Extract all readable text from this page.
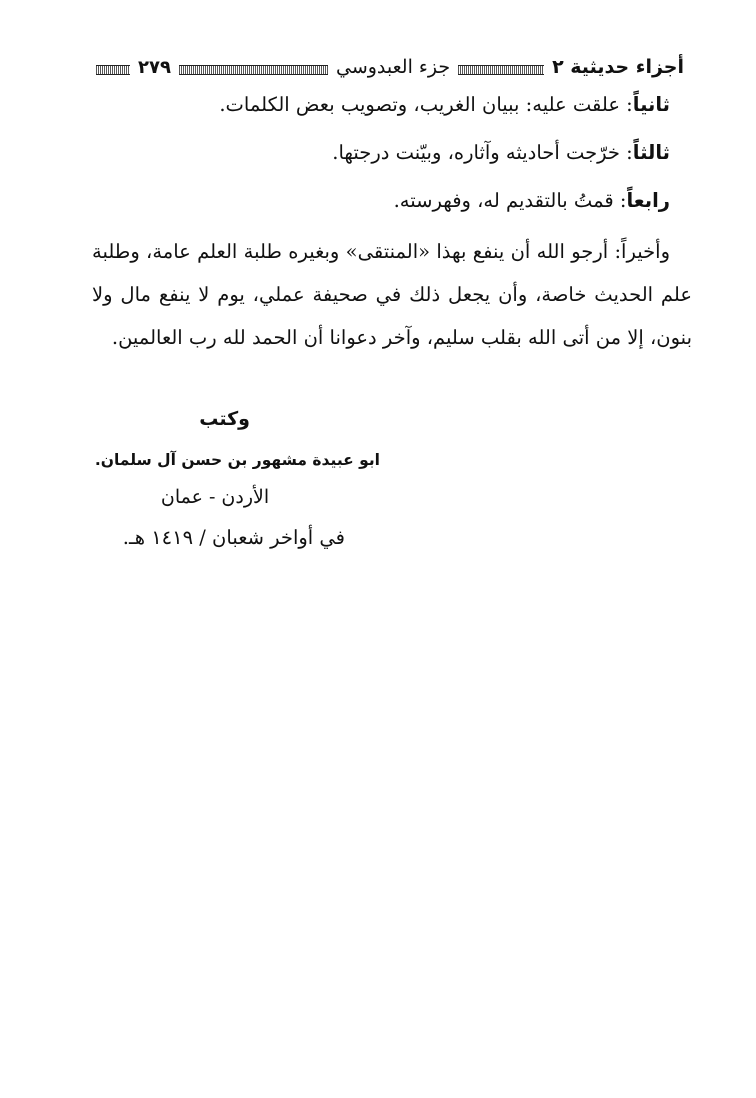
أجزاء حديثية ٢
جزء العبدوسي
٢٧٩

ثانياً: علقت عليه: ببيان الغريب، وتصويب بعض الكلمات.

ثالثاً: خرّجت أحاديثه وآثاره، وبيّنت درجتها.

رابعاً: قمتُ بالتقديم له، وفهرسته.

وأخيراً: أرجو الله أن ينفع بهذا «المنتقى» وبغيره طلبة العلم عامة، وطلبة علم الحديث خاصة، وأن يجعل ذلك في صحيفة عملي، يوم لا ينفع مال ولا بنون، إلا من أتى الله بقلب سليم، وآخر دعوانا أن الحمد لله رب العالمين.

وكتب
ابو عبيدة مشهور بن حسن آل سلمان.
الأردن - عمان
في أواخر شعبان / ١٤١٩ هـ.
